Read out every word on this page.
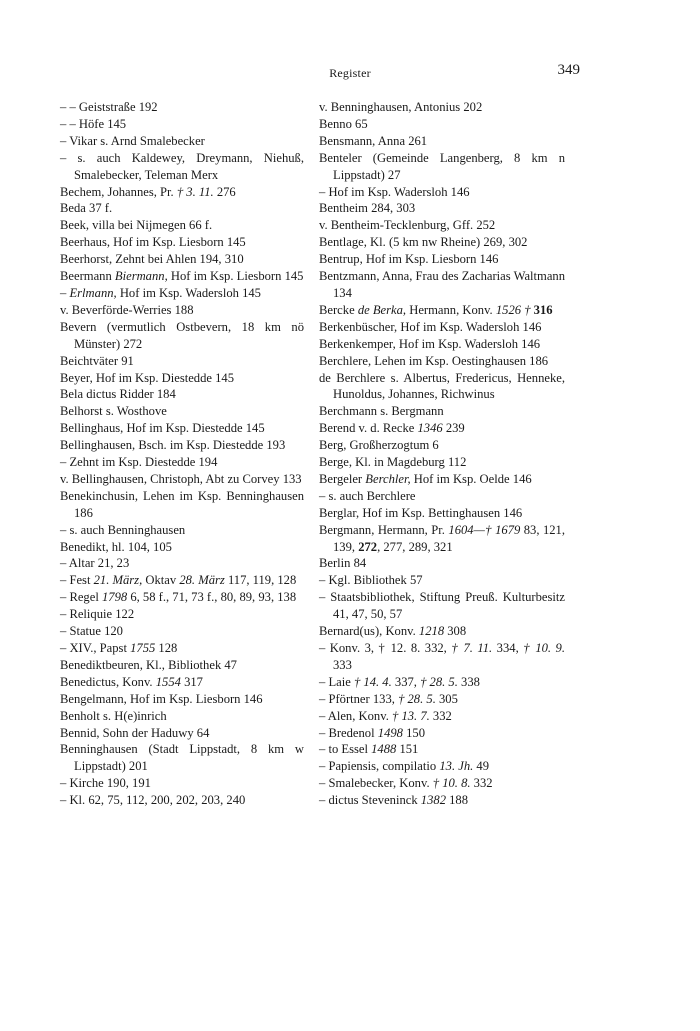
Register	349
– – Geiststraße 192
– – Höfe 145
– Vikar s. Arnd Smalebecker
– s. auch Kaldewey, Dreymann, Niehuß, Smalebecker, Teleman Merx
Bechem, Johannes, Pr. † 3. 11. 276
Beda 37 f.
Beek, villa bei Nijmegen 66 f.
Beerhaus, Hof im Ksp. Liesborn 145
Beerhorst, Zehnt bei Ahlen 194, 310
Beermann Biermann, Hof im Ksp. Liesborn 145
– Erlmann, Hof im Ksp. Wadersloh 145
v. Beverförde-Werries 188
Bevern (vermutlich Ostbevern, 18 km nö Münster) 272
Beichtväter 91
Beyer, Hof im Ksp. Diestedde 145
Bela dictus Ridder 184
Belhorst s. Wosthove
Bellinghaus, Hof im Ksp. Diestedde 145
Bellinghausen, Bsch. im Ksp. Diestedde 193
– Zehnt im Ksp. Diestedde 194
v. Bellinghausen, Christoph, Abt zu Corvey 133
Benekinchusin, Lehen im Ksp. Benninghausen 186
– s. auch Benninghausen
Benedikt, hl. 104, 105
– Altar 21, 23
– Fest 21. März, Oktav 28. März 117, 119, 128
– Regel 1798 6, 58 f., 71, 73 f., 80, 89, 93, 138
– Reliquie 122
– Statue 120
– XIV., Papst 1755 128
Benediktbeuren, Kl., Bibliothek 47
Benedictus, Konv. 1554 317
Bengelmann, Hof im Ksp. Liesborn 146
Benholt s. H(e)inrich
Bennid, Sohn der Haduwy 64
Benninghausen (Stadt Lippstadt, 8 km w Lippstadt) 201
– Kirche 190, 191
– Kl. 62, 75, 112, 200, 202, 203, 240
v. Benninghausen, Antonius 202
Benno 65
Bensmann, Anna 261
Benteler (Gemeinde Langenberg, 8 km n Lippstadt) 27
– Hof im Ksp. Wadersloh 146
Bentheim 284, 303
v. Bentheim-Tecklenburg, Gff. 252
Bentlage, Kl. (5 km nw Rheine) 269, 302
Bentrup, Hof im Ksp. Liesborn 146
Bentzmann, Anna, Frau des Zacharias Waltmann 134
Bercke de Berka, Hermann, Konv. 1526 † 316
Berkenbüscher, Hof im Ksp. Wadersloh 146
Berkenkemper, Hof im Ksp. Wadersloh 146
Berchlere, Lehen im Ksp. Oestinghausen 186
de Berchlere s. Albertus, Fredericus, Henneke, Hunoldus, Johannes, Richwinus
Berchmann s. Bergmann
Berend v. d. Recke 1346 239
Berg, Großherzogtum 6
Berge, Kl. in Magdeburg 112
Bergeler Berchler, Hof im Ksp. Oelde 146
– s. auch Berchlere
Berglar, Hof im Ksp. Bettinghausen 146
Bergmann, Hermann, Pr. 1604—† 1679 83, 121, 139, 272, 277, 289, 321
Berlin 84
– Kgl. Bibliothek 57
– Staatsbibliothek, Stiftung Preuß. Kulturbesitz 41, 47, 50, 57
Bernard(us), Konv. 1218 308
– Konv. 3, † 12. 8. 332, † 7. 11. 334, † 10. 9. 333
– Laie † 14. 4. 337, † 28. 5. 338
– Pförtner 133, † 28. 5. 305
– Alen, Konv. † 13. 7. 332
– Bredenol 1498 150
– to Essel 1488 151
– Papiensis, compilatio 13. Jh. 49
– Smalebecker, Konv. † 10. 8. 332
– dictus Steveninck 1382 188
